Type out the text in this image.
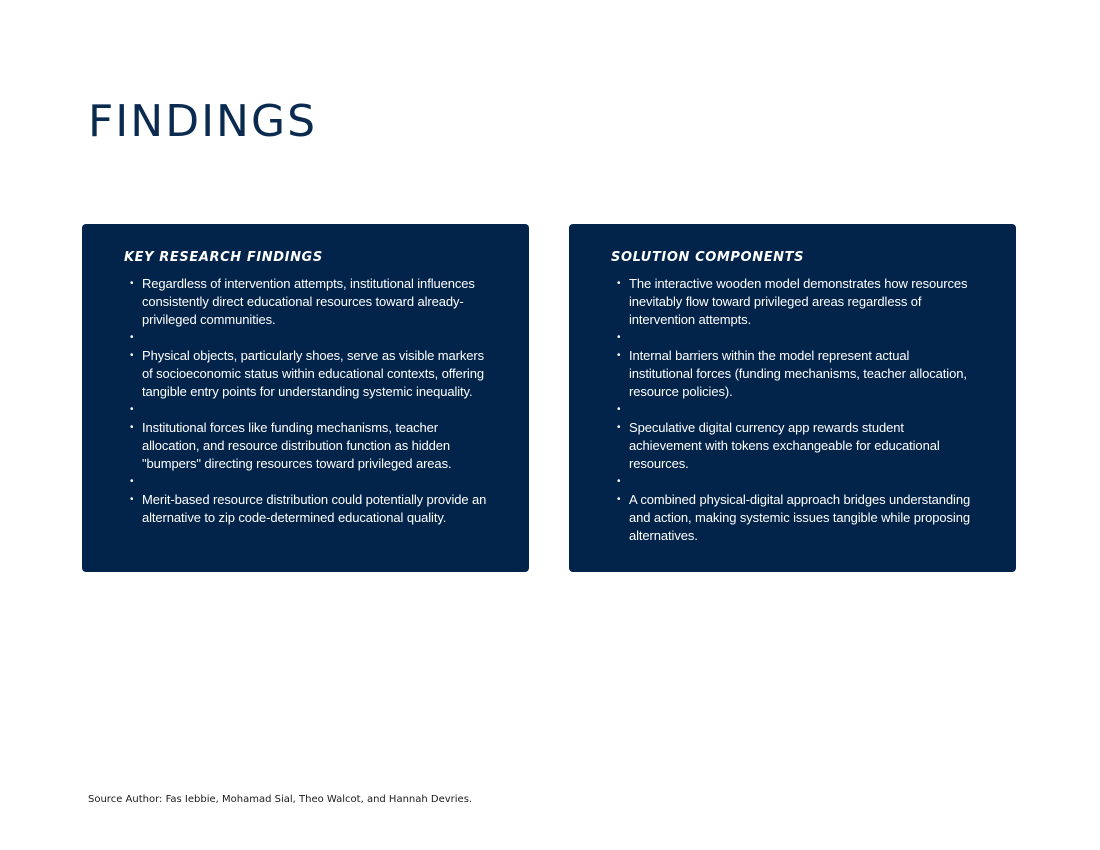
FINDINGS
KEY RESEARCH FINDINGS
• Regardless of intervention attempts, institutional influences consistently direct educational resources toward already-privileged communities.
•
• Physical objects, particularly shoes, serve as visible markers of socioeconomic status within educational contexts, offering tangible entry points for understanding systemic inequality.
•
• Institutional forces like funding mechanisms, teacher allocation, and resource distribution function as hidden "bumpers" directing resources toward privileged areas.
•
• Merit-based resource distribution could potentially provide an alternative to zip code-determined educational quality.
SOLUTION COMPONENTS
• The interactive wooden model demonstrates how resources inevitably flow toward privileged areas regardless of intervention attempts.
•
• Internal barriers within the model represent actual institutional forces (funding mechanisms, teacher allocation, resource policies).
•
• Speculative digital currency app rewards student achievement with tokens exchangeable for educational resources.
•
• A combined physical-digital approach bridges understanding and action, making systemic issues tangible while proposing alternatives.

Source Author: Fas Iebbie, Mohamad Sial, Theo Walcot, and Hannah Devries.
